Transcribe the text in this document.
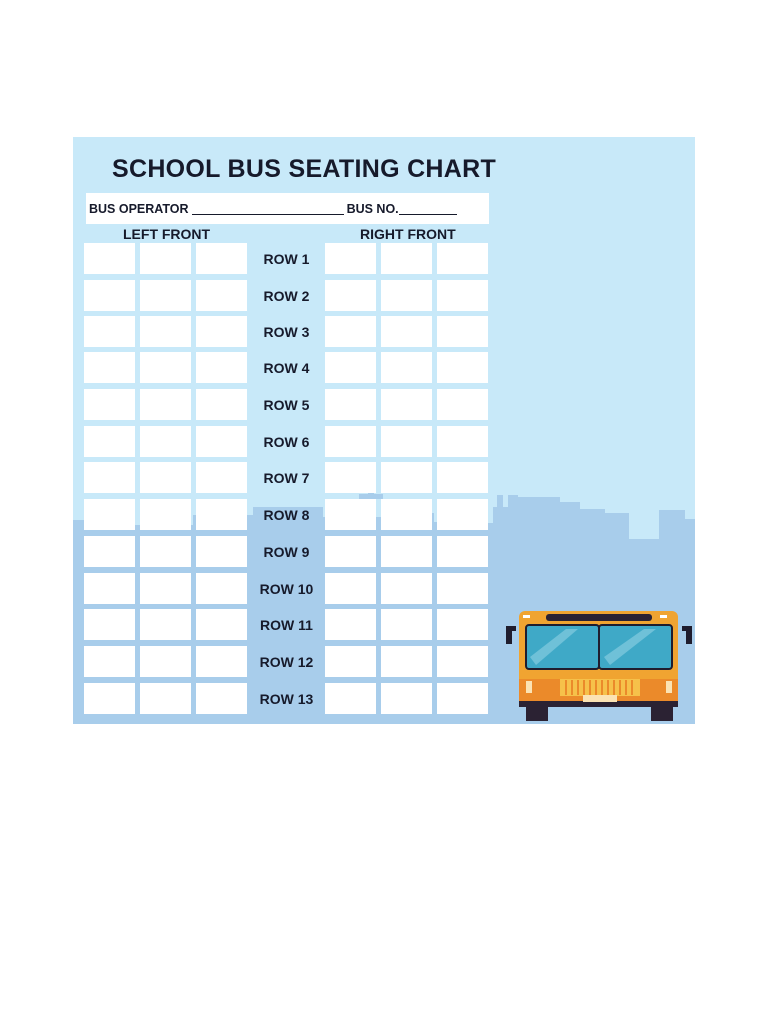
SCHOOL BUS SEATING CHART
BUS OPERATOR	BUS NO.
LEFT FRONT	RIGHT FRONT
ROW 1
ROW 2
ROW 3
ROW 4
ROW 5
ROW 6
ROW 7
ROW 8
ROW 9
ROW 10
ROW 11
ROW 12
ROW 13
